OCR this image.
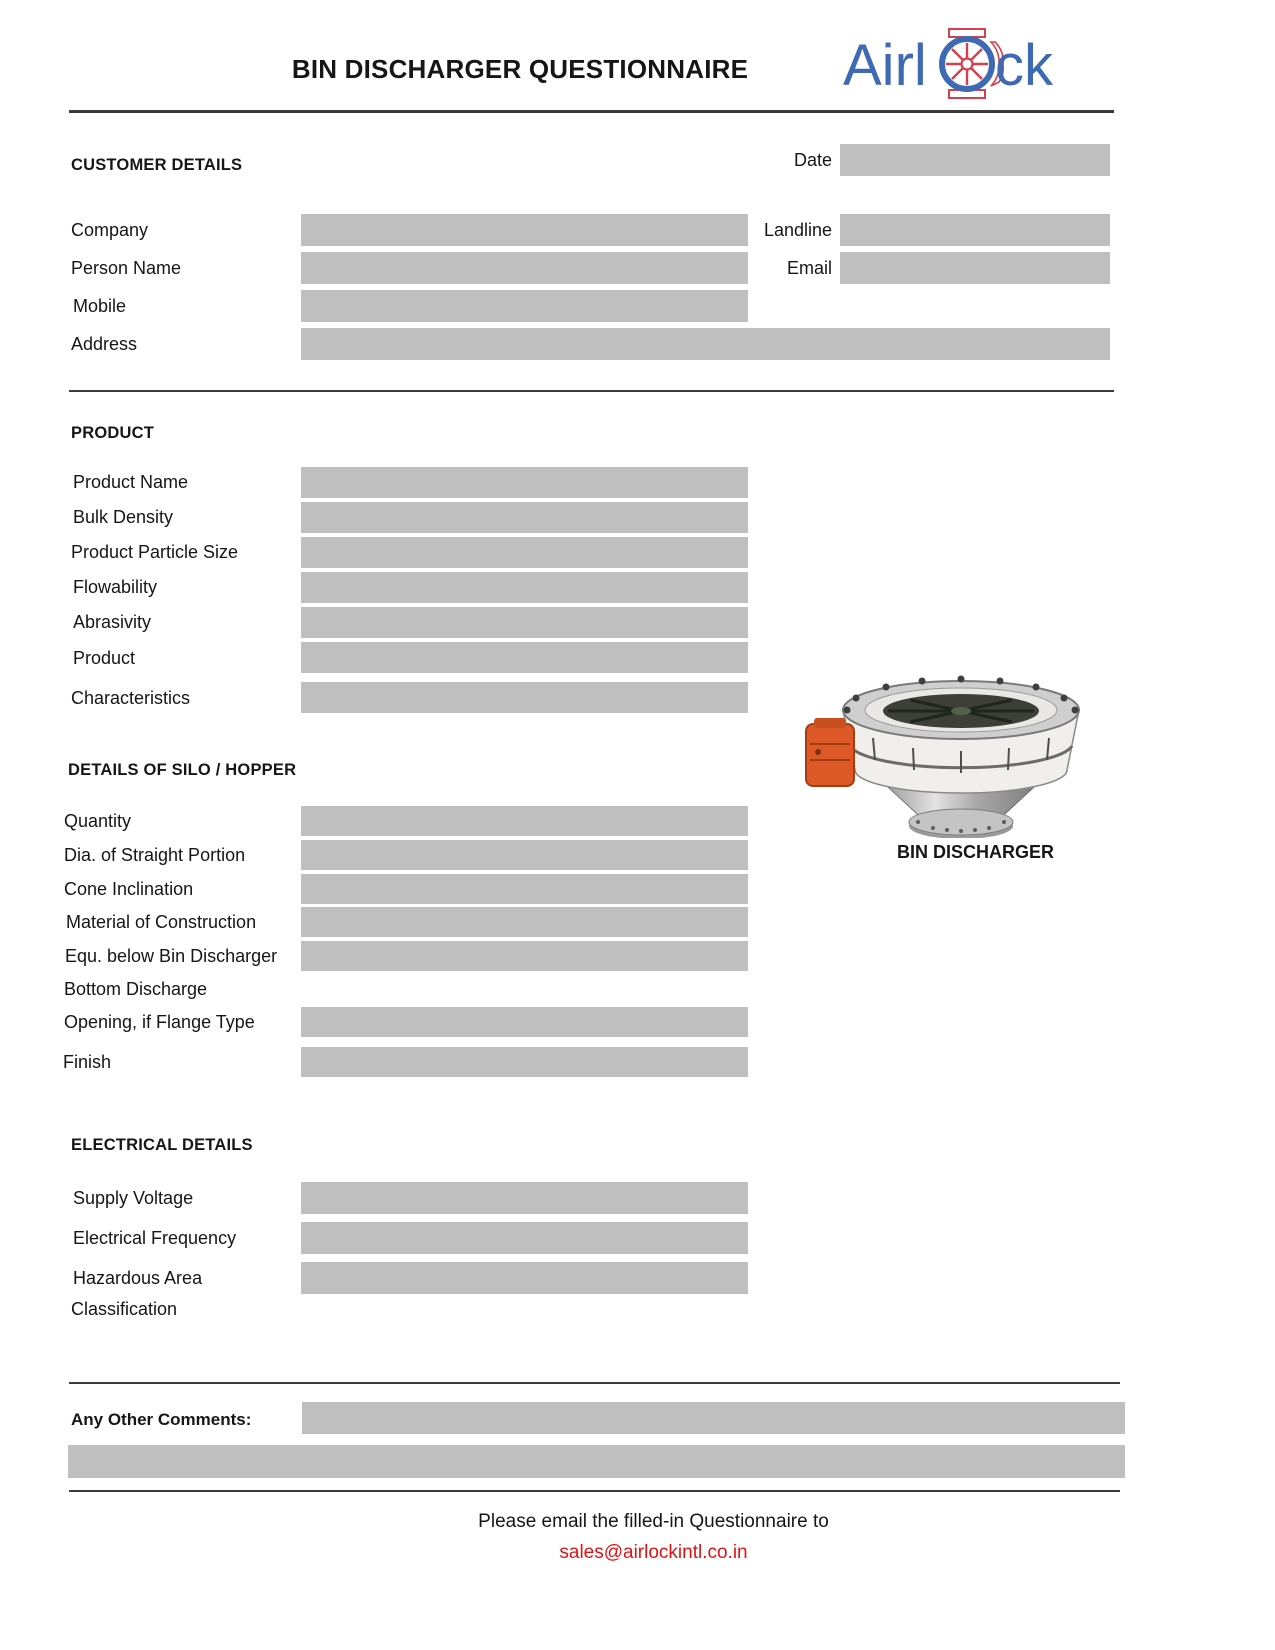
BIN DISCHARGER QUESTIONNAIRE	Airl ck
CUSTOMER DETAILS	Date
Company	Landline
Person Name	Email
Mobile
Address
PRODUCT
Product Name
Bulk Density
Product Particle Size
Flowability
Abrasivity
Product
Characteristics
DETAILS OF SILO / HOPPER
Quantity
Dia. of Straight Portion
Cone Inclination
Material of Construction
Equ. below Bin Discharger
Bottom Discharge
Opening, if Flange Type
Finish
BIN DISCHARGER
ELECTRICAL DETAILS
Supply Voltage
Electrical Frequency
Hazardous Area
Classification
Any Other Comments:
Please email the filled-in Questionnaire to
sales@airlockintl.co.in
